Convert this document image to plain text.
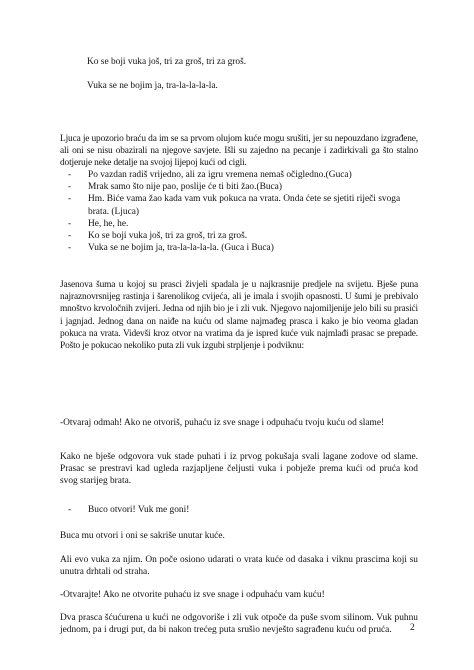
Ko se boji vuka još, tri za groš, tri za groš.

Vuka se ne bojim ja, tra-la-la-la-la.

Ljuca je upozorio braću da im se sa prvom olujom kuće mogu srušiti, jer su nepouzdano izgrađene, ali oni se nisu obazirali na njegove savjete. Išli su zajedno na pecanje i zadirkivali ga što stalno dotjeruje neke detalje na svojoj lijepoj kući od cigli.

- Po vazdan radiš vrijedno, ali za igru vremena nemaš očigledno.(Guca)
- Mrak samo što nije pao, poslije će ti biti žao.(Buca)
- Hm. Biće vama žao kada vam vuk pokuca na vrata. Onda ćete se sjetiti riječi svoga brata. (Ljuca)
- He, he, he.
- Ko se boji vuka još, tri za groš, tri za groš.
- Vuka se ne bojim ja, tra-la-la-la-la. (Guca i Buca)

Jasenova šuma u kojoj su prasci živjeli spadala je u najkrasnije predjele na svijetu. Bješe puna najraznovrsnijeg rastinja i šarenolikog cvijeća, ali je imala i svojih opasnosti. U šumi je prebivalo mnoštvo krvoločnih zvijeri. Jedna od njih bio je i zli vuk. Njegovo najomiljenije jelo bili su prasići i jagnjad. Jednog dana on naiđe na kuću od slame najmađeg prasca i kako je bio veoma gladan pokuca na vrata. Videvši kroz otvor na vratima da je ispred kuće vuk najmlađi prasac se prepade. Pošto je pokucao nekoliko puta zli vuk izgubi strpljenje i podviknu:

-Otvaraj odmah! Ako ne otvoriš, puhaću iz sve snage i odpuhaću tvoju kuću od slame!

Kako ne bješe odgovora vuk stade puhati i iz prvog pokušaja svali lagane zodove od slame. Prasac se prestravi kad ugleda razjapljene čeljusti vuka i pobježe prema kući od pruća kod svog starijeg brata.

- Buco otvori! Vuk me goni!

Buca mu otvori i oni se sakriše unutar kuće.

Ali evo vuka za njim. On poče osiono udarati o vrata kuće od dasaka i viknu prascima koji su unutra drhtali od straha.

-Otvarajte! Ako ne otvorite puhaću iz sve snage i odpuhaću vam kuću!

Dva prasca šćućurena u kući ne odgovoriše i zli vuk otpoče da puše svom silinom. Vuk puhnu jednom, pa i drugi put, da bi nakon trećeg puta srušio nevješto sagrađenu kuću od pruća.	2
